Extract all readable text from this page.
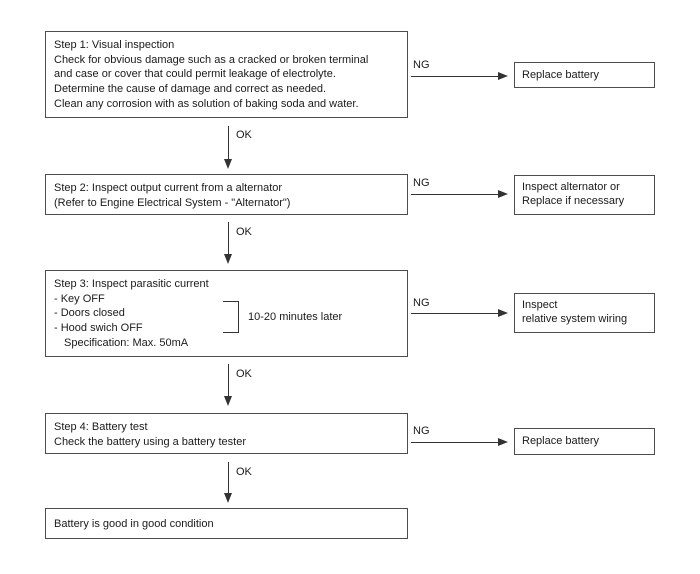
Step 1: Visual inspection
Check for obvious damage such as a cracked or broken terminal
and case or cover that could permit leakage of electrolyte.
Determine the cause of damage and correct as needed.
Clean any corrosion with as solution of baking soda and water.
NG
Replace battery
OK
Step 2: Inspect output current from a alternator
(Refer to Engine Electrical System - "Alternator")
NG	Inspect alternator or
Replace if necessary
OK
Step 3: Inspect parasitic current
- Key OFF
- Doors closed
- Hood swich OFF
Specification: Max. 50mA
10-20 minutes later
NG	Inspect
relative system wiring
OK
Step 4: Battery test
Check the battery using a battery tester
NG
Replace battery
OK
Battery is good in good condition
